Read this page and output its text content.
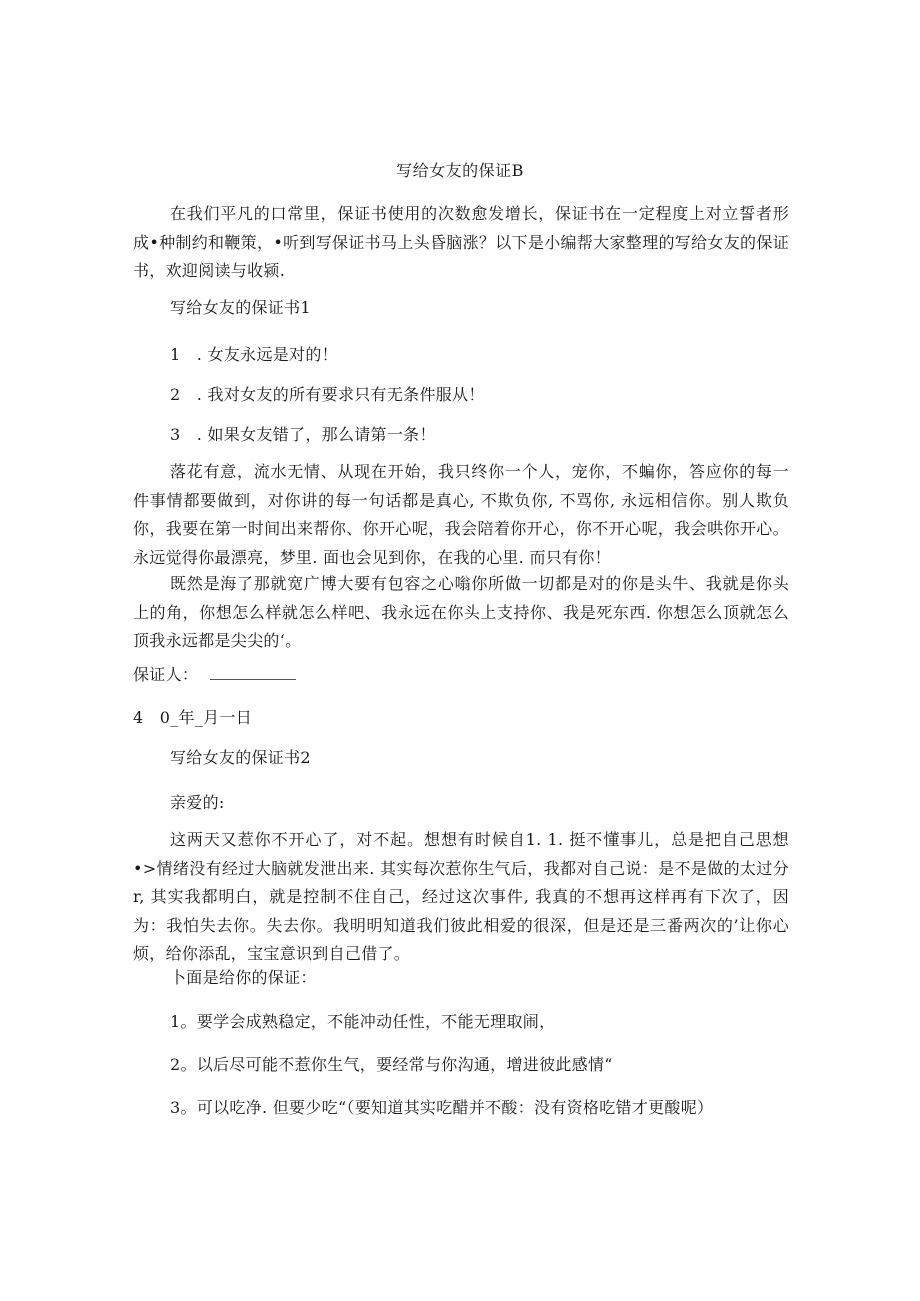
写给女友的保证B

在我们平凡的口常里，保证书使用的次数愈发增长，保证书在一定程度上对立誓者形成•种制约和鞭策，•听到写保证书马上头昏脑涨？以下是小编帮大家整理的写给女友的保证书，欢迎阅读与收颍.

写给女友的保证书1
1　. 女友永远是对的！
2　. 我对女友的所有要求只有无条件服从！
3　. 如果女友错了，那么请第一条！

落花有意，流水无情、从现在开始，我只终你一个人，宠你，不蝙你，答应你的每一件事情都要做到，对你讲的每一句话都是真心, 不欺负你, 不骂你, 永远相信你。别人欺负你，我要在第一时间出来帮你、你开心呢，我会陪着你开心，你不开心呢，我会哄你开心。永远觉得你最漂亮，梦里. 面也会见到你，在我的心里. 而只有你！

既然是海了那就宽广博大要有包容之心嗡你所做一切都是对的你是头牛、我就是你头上的角，你想怎么样就怎么样吧、我永远在你头上支持你、我是死东西. 你想怎么顶就怎么顶我永远都是尖尖的‘。

保证人：
4　0_年_月一日
写给女友的保证书2
亲爱的:

这两天又惹你不开心了，对不起。想想有时候自1. 1. 挺不懂事儿，总是把自己思想•>情绪没有经过大脑就发泄出来. 其实每次惹你生气后，我都对自己说：是不是做的太过分r, 其实我都明白，就是控制不住自己，经过这次事件, 我真的不想再这样再有下次了，因为：我怕失去你。失去你。我明明知道我们彼此相爱的很深，但是还是三番两次的’让你心烦，给你添乱，宝宝意识到自己借了。

卜面是给你的保证：
1。要学会成熟稳定，不能冲动任性，不能无理取闹，
2。以后尽可能不惹你生气，要经常与你沟通，增进彼此感情“
3。可以吃净. 但要少吃“（要知道其实吃醋并不酸：没有资格吃错才更酸呢）
